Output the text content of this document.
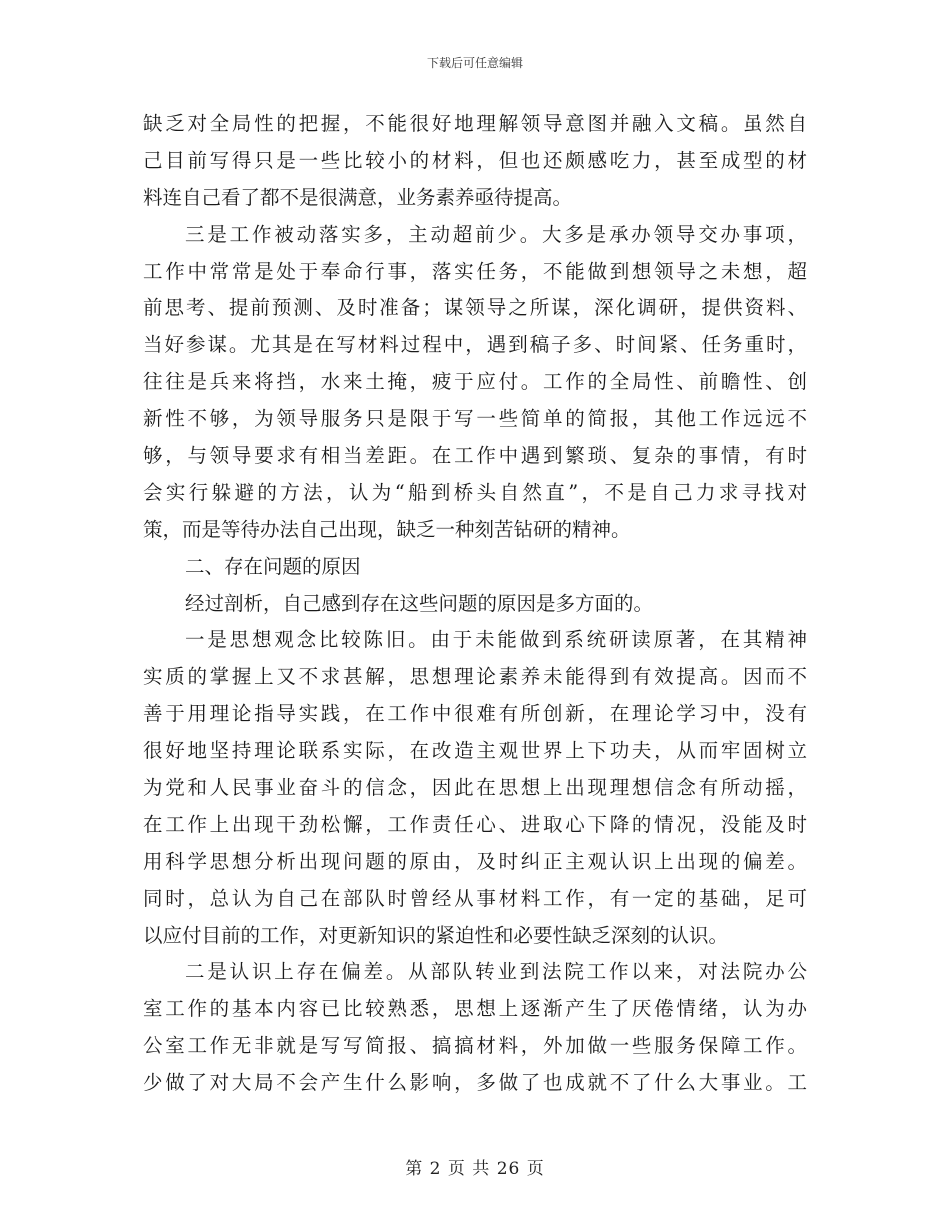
下载后可任意编辑
缺乏对全局性的把握，不能很好地理解领导意图并融入文稿。虽然自
己目前写得只是一些比较小的材料，但也还颇感吃力，甚至成型的材
料连自己看了都不是很满意，业务素养亟待提高。
三是工作被动落实多，主动超前少。大多是承办领导交办事项，
工作中常常是处于奉命行事，落实任务，不能做到想领导之未想，超
前思考、提前预测、及时准备；谋领导之所谋，深化调研，提供资料、
当好参谋。尤其是在写材料过程中，遇到稿子多、时间紧、任务重时，
往往是兵来将挡，水来土掩，疲于应付。工作的全局性、前瞻性、创
新性不够，为领导服务只是限于写一些简单的简报，其他工作远远不
够，与领导要求有相当差距。在工作中遇到繁琐、复杂的事情，有时
会实行躲避的方法，认为“船到桥头自然直”，不是自己力求寻找对
策，而是等待办法自己出现，缺乏一种刻苦钻研的精神。
二、存在问题的原因
经过剖析，自己感到存在这些问题的原因是多方面的。
一是思想观念比较陈旧。由于未能做到系统研读原著，在其精神
实质的掌握上又不求甚解，思想理论素养未能得到有效提高。因而不
善于用理论指导实践，在工作中很难有所创新，在理论学习中，没有
很好地坚持理论联系实际，在改造主观世界上下功夫，从而牢固树立
为党和人民事业奋斗的信念，因此在思想上出现理想信念有所动摇，
在工作上出现干劲松懈，工作责任心、进取心下降的情况，没能及时
用科学思想分析出现问题的原由，及时纠正主观认识上出现的偏差。
同时，总认为自己在部队时曾经从事材料工作，有一定的基础，足可
以应付目前的工作，对更新知识的紧迫性和必要性缺乏深刻的认识。
二是认识上存在偏差。从部队转业到法院工作以来，对法院办公
室工作的基本内容已比较熟悉，思想上逐渐产生了厌倦情绪，认为办
公室工作无非就是写写简报、搞搞材料，外加做一些服务保障工作。
少做了对大局不会产生什么影响，多做了也成就不了什么大事业。工
第 2 页 共 26 页
